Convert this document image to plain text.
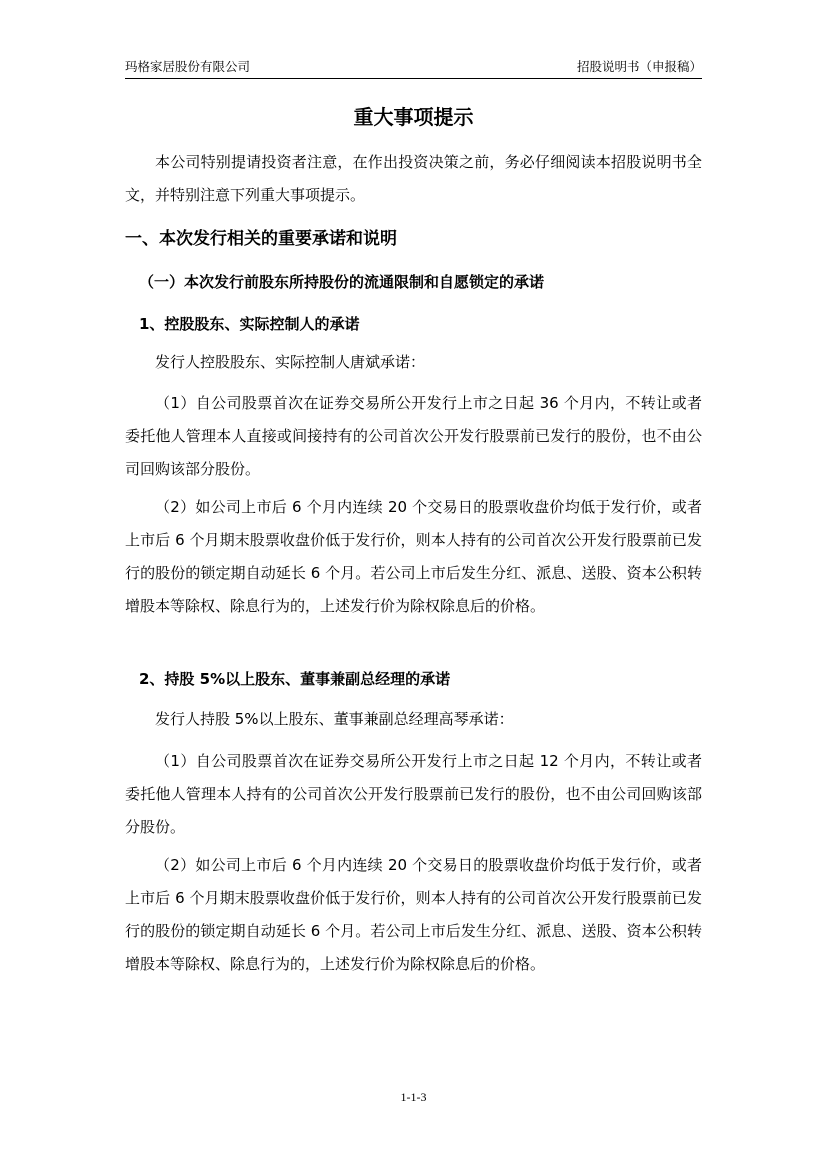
玛格家居股份有限公司	招股说明书（申报稿）
重大事项提示
本公司特别提请投资者注意，在作出投资决策之前，务必仔细阅读本招股说明书全文，并特别注意下列重大事项提示。
一、本次发行相关的重要承诺和说明
（一）本次发行前股东所持股份的流通限制和自愿锁定的承诺
1、控股股东、实际控制人的承诺
发行人控股股东、实际控制人唐斌承诺：
（1）自公司股票首次在证券交易所公开发行上市之日起 36 个月内，不转让或者委托他人管理本人直接或间接持有的公司首次公开发行股票前已发行的股份，也不由公司回购该部分股份。
（2）如公司上市后 6 个月内连续 20 个交易日的股票收盘价均低于发行价，或者上市后 6 个月期末股票收盘价低于发行价，则本人持有的公司首次公开发行股票前已发行的股份的锁定期自动延长 6 个月。若公司上市后发生分红、派息、送股、资本公积转增股本等除权、除息行为的，上述发行价为除权除息后的价格。
2、持股 5%以上股东、董事兼副总经理的承诺
发行人持股 5%以上股东、董事兼副总经理高琴承诺：
（1）自公司股票首次在证券交易所公开发行上市之日起 12 个月内，不转让或者委托他人管理本人持有的公司首次公开发行股票前已发行的股份，也不由公司回购该部分股份。
（2）如公司上市后 6 个月内连续 20 个交易日的股票收盘价均低于发行价，或者上市后 6 个月期末股票收盘价低于发行价，则本人持有的公司首次公开发行股票前已发行的股份的锁定期自动延长 6 个月。若公司上市后发生分红、派息、送股、资本公积转增股本等除权、除息行为的，上述发行价为除权除息后的价格。
1-1-3
